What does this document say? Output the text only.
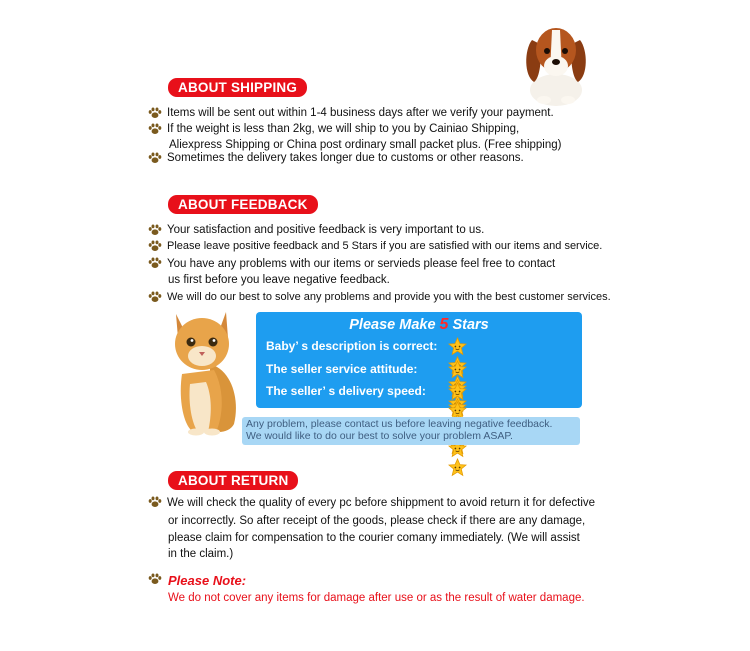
ABOUT SHIPPING
Items will be sent out within 1-4 business days after we verify your payment.
If the weight is less than 2kg, we will ship to you by Cainiao Shipping,
Aliexpress Shipping or China post ordinary small packet plus. (Free shipping)
Sometimes the delivery takes longer due to customs or other reasons.
ABOUT FEEDBACK
Your satisfaction and positive feedback is very important to us.
Please leave positive feedback and 5 Stars if you are satisfied with our items and service.
You have any problems with our items or servieds please feel free to contact
us first before you leave negative feedback.
We will do our best to solve any problems and provide you with the best customer services.
Please Make 5 Stars
Baby’ s description is correct:
The seller service attitude:
The seller’ s delivery speed:
Any problem, please contact us before leaving negative feedback.
We would like to do our best to solve your problem ASAP.
ABOUT RETURN
We will check the quality of every pc before shippment to avoid return it for defective
or incorrectly. So after receipt of the goods, please check if there are any damage,
please claim for compensation to the courier comany immediately. (We will assist
in the claim.)
Please Note:
We do not cover any items for damage after use or as the result of water damage.
